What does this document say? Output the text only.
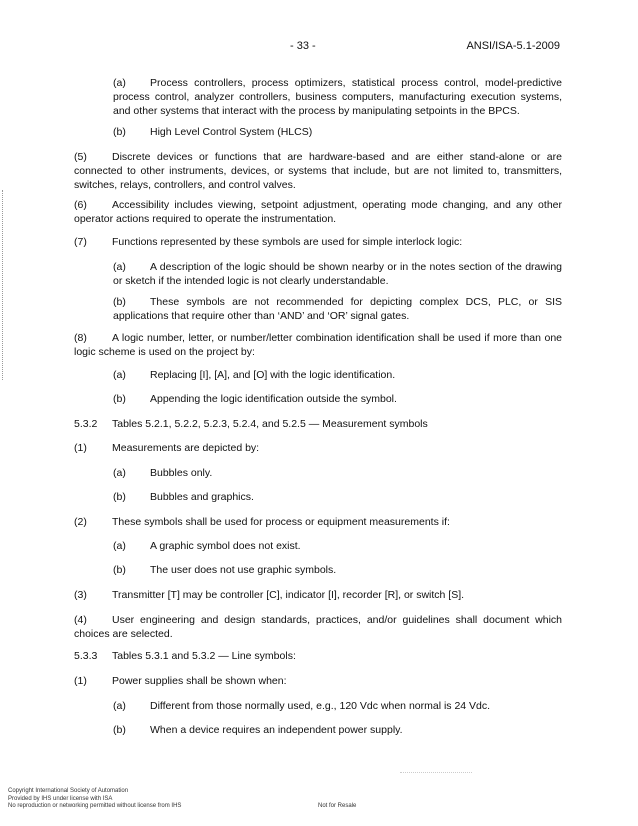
- 33 -	ANSI/ISA-5.1-2009

(a) Process controllers, process optimizers, statistical process control, model-predictive process control, analyzer controllers, business computers, manufacturing execution systems, and other systems that interact with the process by manipulating setpoints in the BPCS.

(b) High Level Control System (HLCS)

(5) Discrete devices or functions that are hardware-based and are either stand-alone or are connected to other instruments, devices, or systems that include, but are not limited to, transmitters, switches, relays, controllers, and control valves.

(6) Accessibility includes viewing, setpoint adjustment, operating mode changing, and any other operator actions required to operate the instrumentation.

(7) Functions represented by these symbols are used for simple interlock logic:

(a) A description of the logic should be shown nearby or in the notes section of the drawing or sketch if the intended logic is not clearly understandable.

(b) These symbols are not recommended for depicting complex DCS, PLC, or SIS applications that require other than ‘AND’ and ‘OR’ signal gates.

(8) A logic number, letter, or number/letter combination identification shall be used if more than one logic scheme is used on the project by:

(a) Replacing [I], [A], and [O] with the logic identification.

(b) Appending the logic identification outside the symbol.

5.3.2 Tables 5.2.1, 5.2.2, 5.2.3, 5.2.4, and 5.2.5 — Measurement symbols

(1) Measurements are depicted by:

(a) Bubbles only.

(b) Bubbles and graphics.

(2) These symbols shall be used for process or equipment measurements if:

(a) A graphic symbol does not exist.

(b) The user does not use graphic symbols.

(3) Transmitter [T] may be controller [C], indicator [I], recorder [R], or switch [S].

(4) User engineering and design standards, practices, and/or guidelines shall document which choices are selected.

5.3.3 Tables 5.3.1 and 5.3.2 — Line symbols:

(1) Power supplies shall be shown when:

(a) Different from those normally used, e.g., 120 Vdc when normal is 24 Vdc.

(b) When a device requires an independent power supply.

Copyright International Society of Automation
Provided by IHS under license with ISA
No reproduction or networking permitted without license from IHS	Not for Resale
